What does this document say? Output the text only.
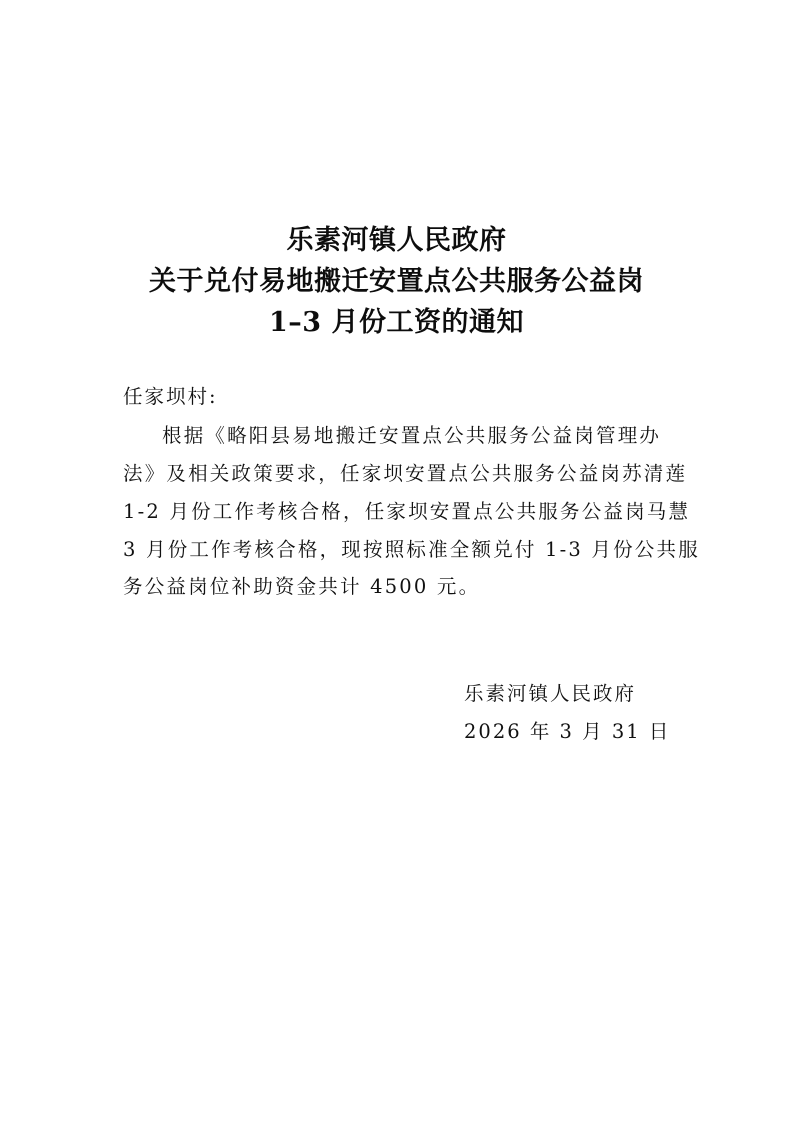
乐素河镇人民政府
关于兑付易地搬迁安置点公共服务公益岗
1–3 月份工资的通知
任家坝村:
根据《略阳县易地搬迁安置点公共服务公益岗管理办
法》及相关政策要求，任家坝安置点公共服务公益岗苏清莲
1-2 月份工作考核合格，任家坝安置点公共服务公益岗马慧
3 月份工作考核合格，现按照标准全额兑付 1-3 月份公共服
务公益岗位补助资金共计 4500 元。
乐素河镇人民政府
2026 年 3 月 31 日
